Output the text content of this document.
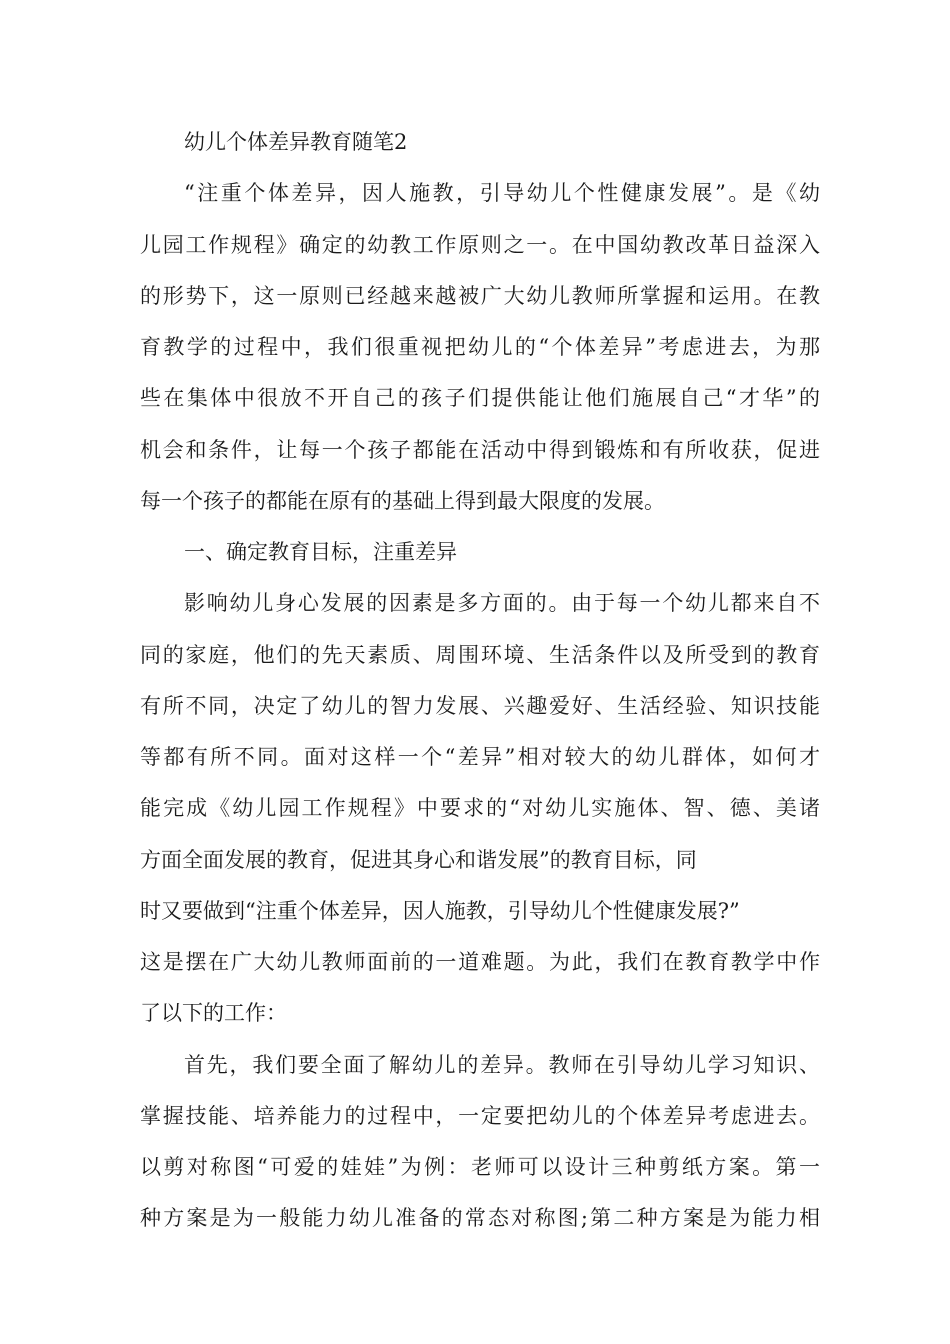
幼儿个体差异教育随笔2
“注重个体差异，因人施教，引导幼儿个性健康发展”。是《幼
儿园工作规程》确定的幼教工作原则之一。在中国幼教改革日益深入
的形势下，这一原则已经越来越被广大幼儿教师所掌握和运用。在教
育教学的过程中，我们很重视把幼儿的“个体差异”考虑进去，为那
些在集体中很放不开自己的孩子们提供能让他们施展自己“才华”的
机会和条件，让每一个孩子都能在活动中得到锻炼和有所收获，促进
每一个孩子的都能在原有的基础上得到最大限度的发展。
一、确定教育目标，注重差异
影响幼儿身心发展的因素是多方面的。由于每一个幼儿都来自不
同的家庭，他们的先天素质、周围环境、生活条件以及所受到的教育
有所不同，决定了幼儿的智力发展、兴趣爱好、生活经验、知识技能
等都有所不同。面对这样一个“差异”相对较大的幼儿群体，如何才
能完成《幼儿园工作规程》中要求的“对幼儿实施体、智、德、美诸
方面全面发展的教育，促进其身心和谐发展”的教育目标，同
时又要做到“注重个体差异，因人施教，引导幼儿个性健康发展?”
这是摆在广大幼儿教师面前的一道难题。为此，我们在教育教学中作
了以下的工作：
首先，我们要全面了解幼儿的差异。教师在引导幼儿学习知识、
掌握技能、培养能力的过程中，一定要把幼儿的个体差异考虑进去。
以剪对称图“可爱的娃娃”为例：老师可以设计三种剪纸方案。第一
种方案是为一般能力幼儿准备的常态对称图;第二种方案是为能力相
